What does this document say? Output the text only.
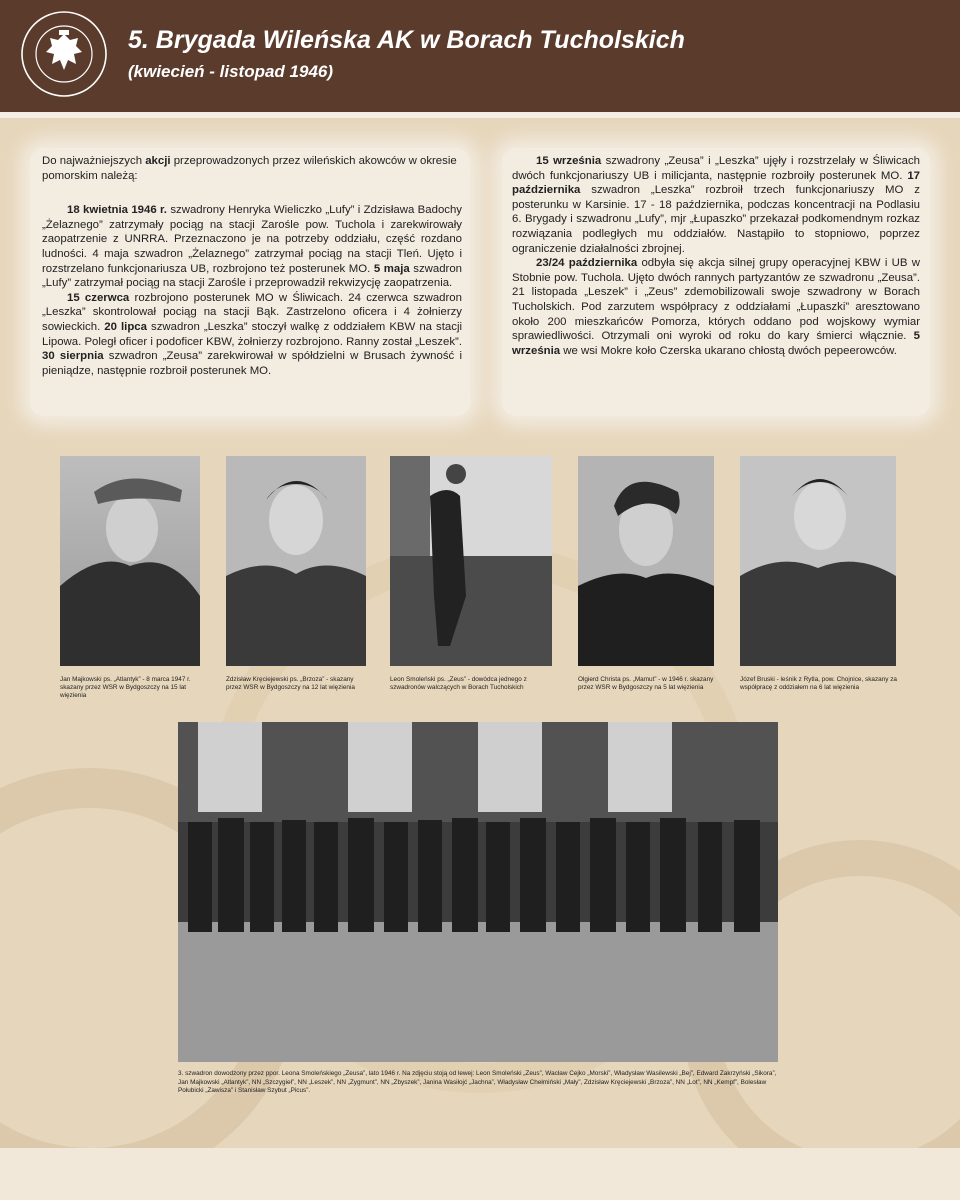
5. Brygada Wileńska AK w Borach Tucholskich
(kwiecień - listopad 1946)

Do najważniejszych akcji przeprowadzonych przez wileńskich akowców w okresie pomorskim należą:

18 kwietnia 1946 r. szwadrony Henryka Wieliczko „Lufy” i Zdzisława Badochy „Żelaznego” zatrzymały pociąg na stacji Zarośle pow. Tuchola i zarekwirowały zaopatrzenie z UNRRA. Przeznaczono je na potrzeby oddziału, część rozdano ludności. 4 maja szwadron „Żelaznego” zatrzymał pociąg na stacji Tleń. Ujęto i rozstrzelano funkcjonariusza UB, rozbrojono też posterunek MO. 5 maja szwadron „Lufy” zatrzymał pociąg na stacji Zarośle i przeprowadził rekwizycję zaopatrzenia.

15 czerwca rozbrojono posterunek MO w Śliwicach. 24 czerwca szwadron „Leszka” skontrolował pociąg na stacji Bąk. Zastrzelono oficera i 4 żołnierzy sowieckich. 20 lipca szwadron „Leszka” stoczył walkę z oddziałem KBW na stacji Lipowa. Poległ oficer i podoficer KBW, żołnierzy rozbrojono. Ranny został „Leszek”. 30 sierpnia szwadron „Zeusa” zarekwirował w spółdzielni w Brusach żywność i pieniądze, następnie rozbroił posterunek MO.

15 września szwadrony „Zeusa” i „Leszka” ujęły i rozstrzelały w Śliwicach dwóch funkcjonariuszy UB i milicjanta, następnie rozbroiły posterunek MO. 17 października szwadron „Leszka” rozbroił trzech funkcjonariuszy MO z posterunku w Karsinie. 17 - 18 października, podczas koncentracji na Podlasiu 6. Brygady i szwadronu „Lufy”, mjr „Łupaszko” przekazał podkomendnym rozkaz rozwiązania podległych mu oddziałów. Nastąpiło to stopniowo, poprzez ograniczenie działalności zbrojnej.

23/24 października odbyła się akcja silnej grupy operacyjnej KBW i UB w Stobnie pow. Tuchola. Ujęto dwóch rannych partyzantów ze szwadronu „Zeusa”. 21 listopada „Leszek” i „Zeus” zdemobilizowali swoje szwadrony w Borach Tucholskich. Pod zarzutem współpracy z oddziałami „Łupaszki” aresztowano około 200 mieszkańców Pomorza, których oddano pod wojskowy wymiar sprawiedliwości. Otrzymali oni wyroki od roku do kary śmierci włącznie. 5 września we wsi Mokre koło Czerska ukarano chłostą dwóch pepeerowców.

Jan Majkowski ps. „Atlantyk” - 8 marca 1947 r. skazany przez WSR w Bydgoszczy na 15 lat więzienia
Zdzisław Kręciejewski ps. „Brzoza” - skazany przez WSR w Bydgoszczy na 12 lat więzienia
Leon Smoleński ps. „Zeus” - dowódca jednego z szwadronów walczących w Borach Tucholskich
Olgierd Christa ps. „Mamut” - w 1946 r. skazany przez WSR w Bydgoszczy na 5 lat więzienia
Józef Bruski - leśnik z Rytla, pow. Chojnice, skazany za współpracę z oddziałem na 6 lat więzienia
3. szwadron dowodzony przez ppor. Leona Smoleńskiego „Zeusa”, lato 1946 r. Na zdjęciu stoją od lewej: Leon Smoleński „Zeus”, Wacław Cejko „Morski”, Władysław Wasilewski „Bej”, Edward Zakrzyński „Sikora”, Jan Majkowski „Atlantyk”, NN „Szczygieł”, NN „Leszek”, NN „Zygmunt”, NN „Zbyszek”, Janina Wasiłojć „Jachna”, Władysław Chełmiński „Mały”, Zdzisław Kręciejewski „Brzoza”, NN „Lot”, NN „Kempf”, Bolesław Połubicki „Zawisza” i Stanisław Szybut „Picus”.
